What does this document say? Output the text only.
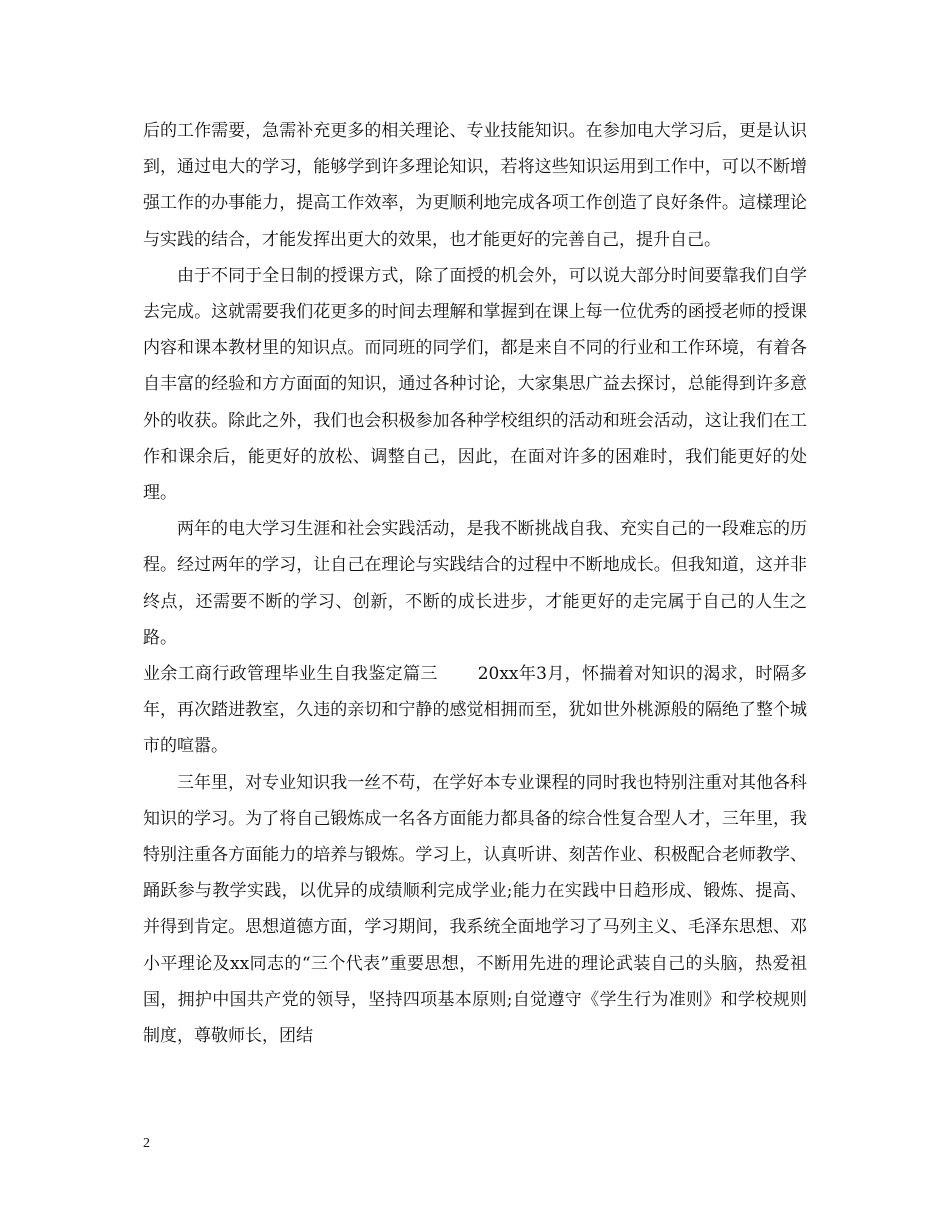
后的工作需要，急需补充更多的相关理论、专业技能知识。在参加电大学习后，更是认识到，通过电大的学习，能够学到许多理论知识，若将这些知识运用到工作中，可以不断增强工作的办事能力，提高工作效率，为更顺利地完成各项工作创造了良好条件。這樣理论与实践的结合，才能发挥出更大的效果，也才能更好的完善自己，提升自己。

由于不同于全日制的授课方式，除了面授的机会外，可以说大部分时间要靠我们自学去完成。这就需要我们花更多的时间去理解和掌握到在课上每一位优秀的函授老师的授课内容和课本教材里的知识点。而同班的同学们，都是来自不同的行业和工作环境，有着各自丰富的经验和方方面面的知识，通过各种讨论，大家集思广益去探讨，总能得到许多意外的收获。除此之外，我们也会积极参加各种学校组织的活动和班会活动，这让我们在工作和课余后，能更好的放松、调整自己，因此，在面对许多的困难时，我们能更好的处理。

两年的电大学习生涯和社会实践活动，是我不断挑战自我、充实自己的一段难忘的历程。经过两年的学习，让自己在理论与实践结合的过程中不断地成长。但我知道，这并非终点，还需要不断的学习、创新，不断的成长进步，才能更好的走完属于自己的人生之路。

业余工商行政管理毕业生自我鉴定篇三 20xx年3月，怀揣着对知识的渴求，时隔多年，再次踏进教室，久违的亲切和宁静的感觉相拥而至，犹如世外桃源般的隔绝了整个城市的喧嚣。

三年里，对专业知识我一丝不苟，在学好本专业课程的同时我也特别注重对其他各科知识的学习。为了将自己锻炼成一名各方面能力都具备的综合性复合型人才，三年里，我特别注重各方面能力的培养与锻炼。学习上，认真听讲、刻苦作业、积极配合老师教学、踊跃参与教学实践，以优异的成绩顺利完成学业;能力在实践中日趋形成、锻炼、提高、并得到肯定。思想道德方面，学习期间，我系统全面地学习了马列主义、毛泽东思想、邓小平理论及xx同志的“三个代表”重要思想，不断用先进的理论武装自己的头脑，热爱祖国，拥护中国共产党的领导，坚持四项基本原则;自觉遵守《学生行为准则》和学校规则制度，尊敬师长，团结

2
